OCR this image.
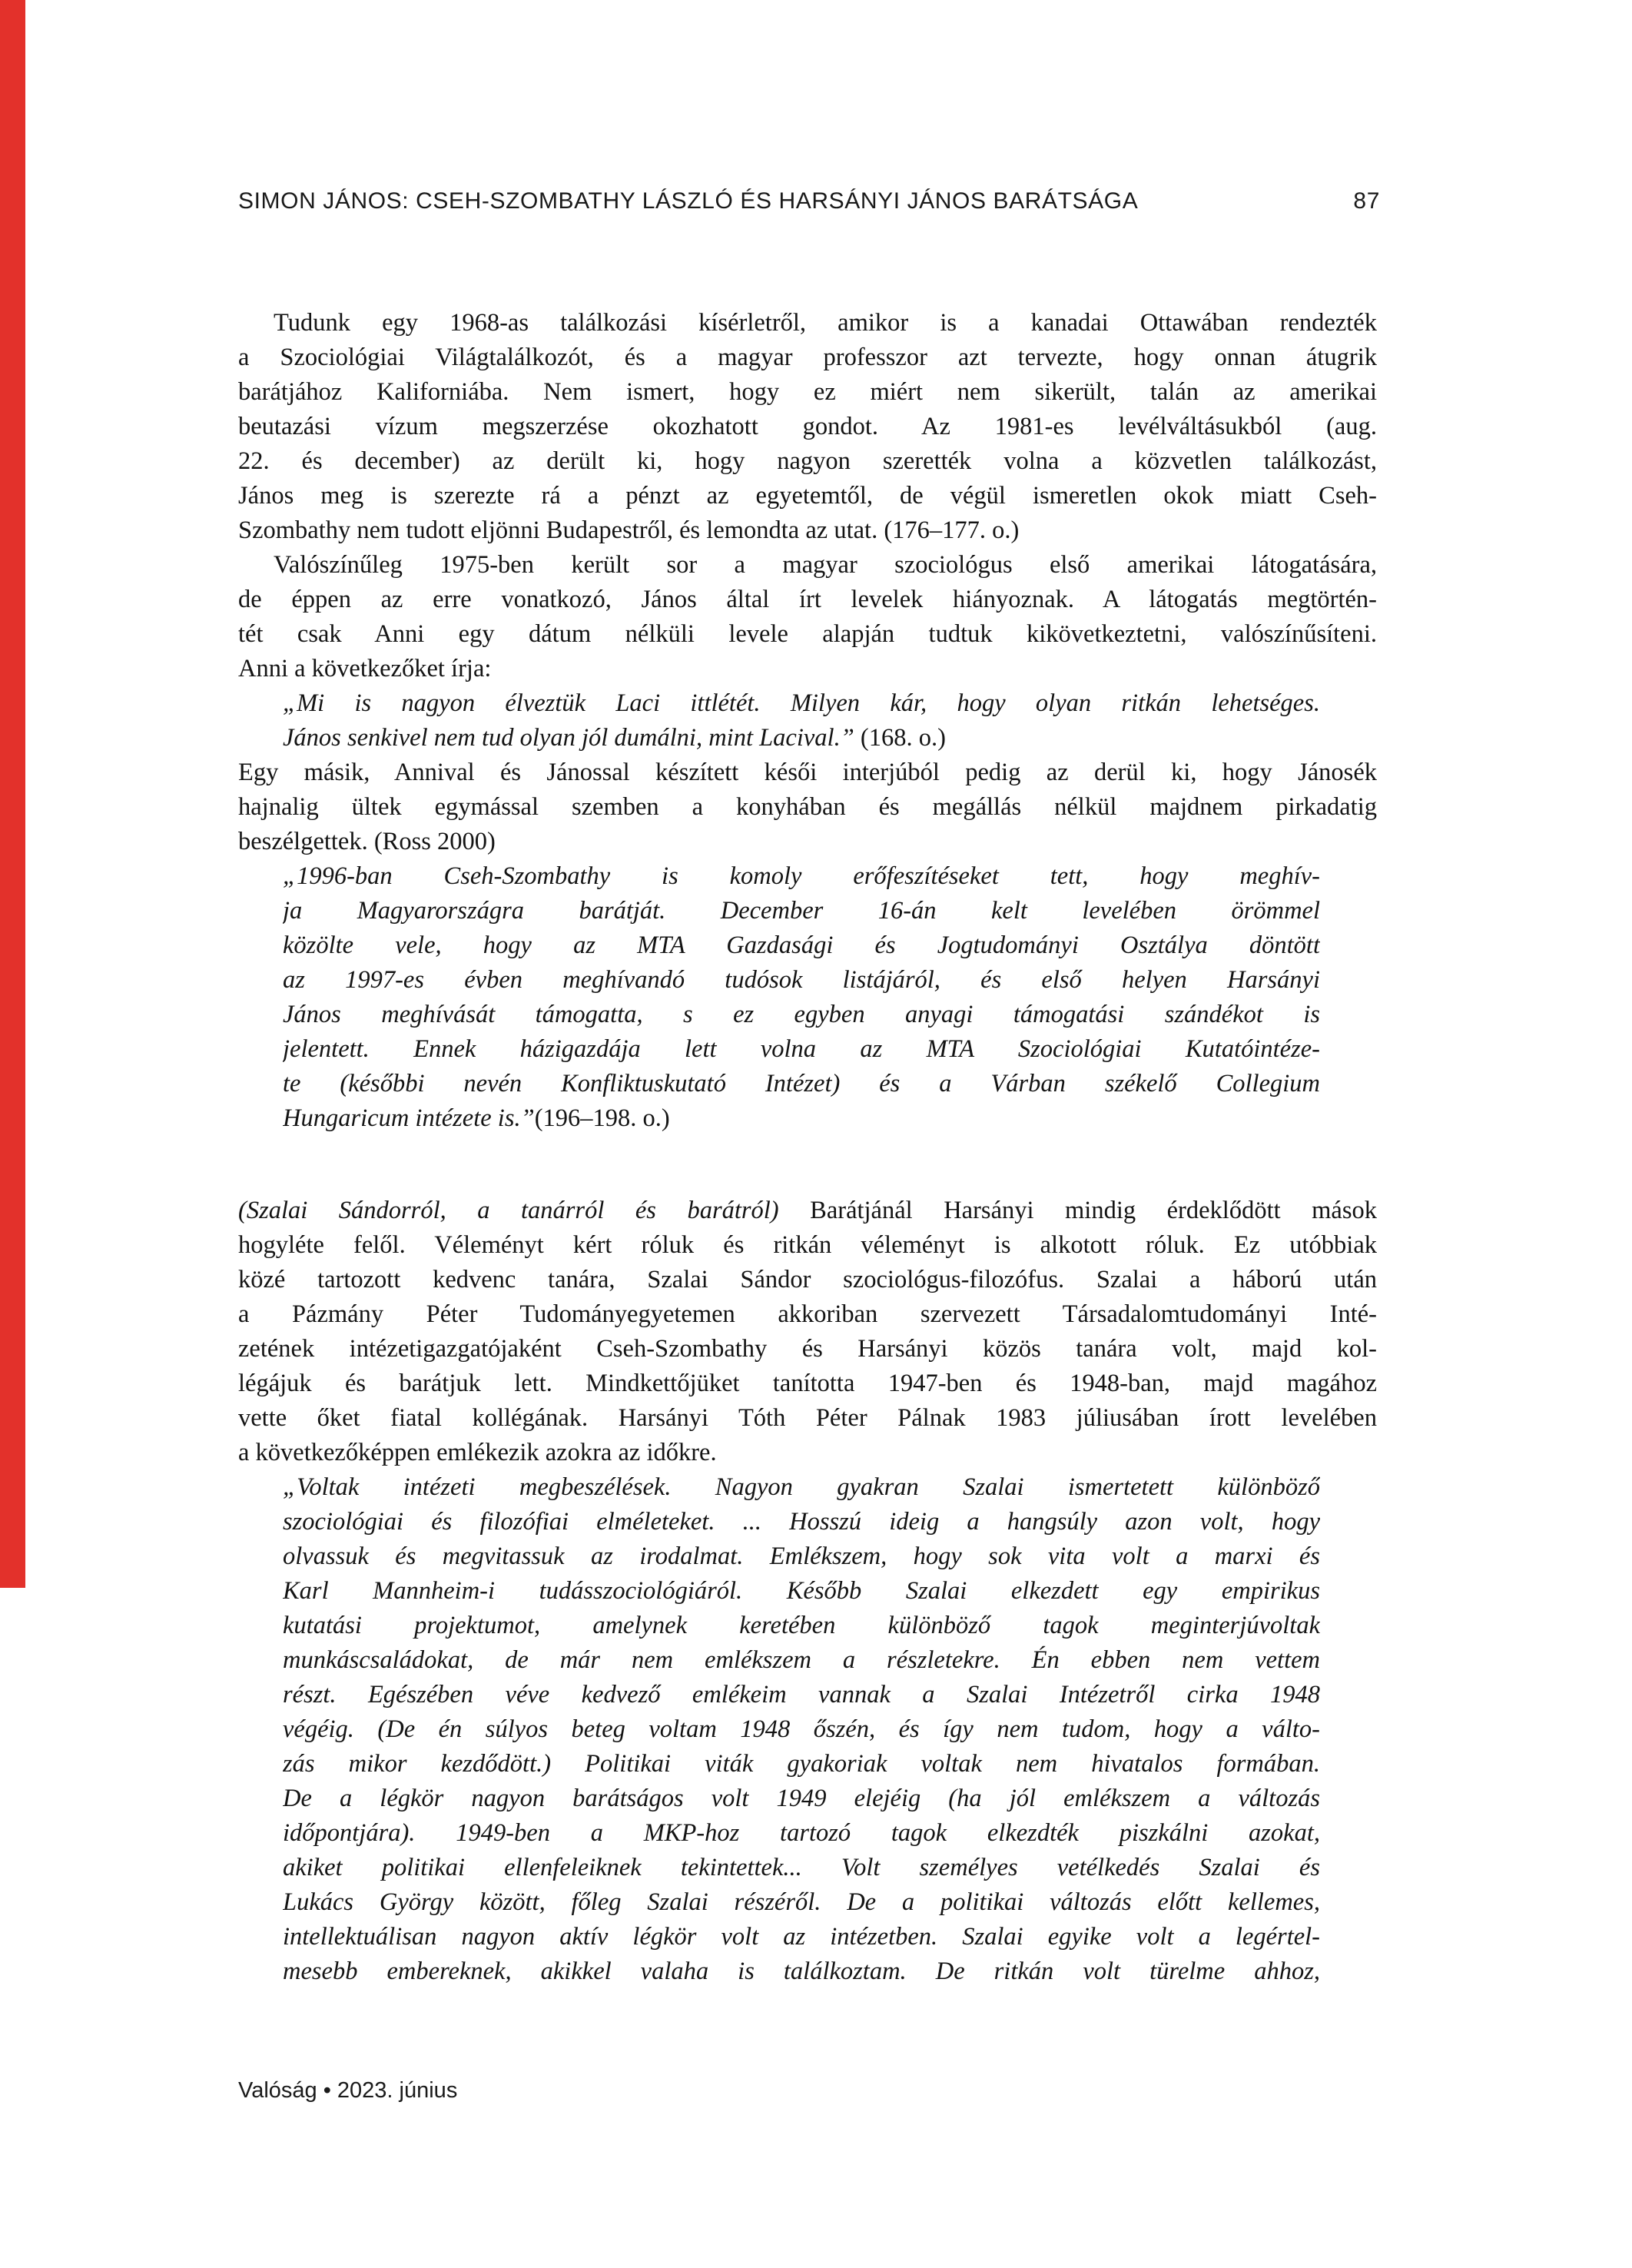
SIMON JÁNOS: CSEH-SZOMBATHY LÁSZLÓ ÉS HARSÁNYI JÁNOS BARÁTSÁGA	87
Tudunk egy 1968-as találkozási kísérletről, amikor is a kanadai Ottawában rendezték
a Szociológiai Világtalálkozót, és a magyar professzor azt tervezte, hogy onnan átugrik
barátjához Kaliforniába. Nem ismert, hogy ez miért nem sikerült, talán az amerikai
beutazási vízum megszerzése okozhatott gondot. Az 1981-es levélváltásukból (aug.
22. és december) az derült ki, hogy nagyon szerették volna a közvetlen találkozást,
János meg is szerezte rá a pénzt az egyetemtől, de végül ismeretlen okok miatt Cseh-
Szombathy nem tudott eljönni Budapestről, és lemondta az utat. (176–177. o.)
Valószínűleg 1975-ben került sor a magyar szociológus első amerikai látogatására,
de éppen az erre vonatkozó, János által írt levelek hiányoznak. A látogatás megtörtén-
tét csak Anni egy dátum nélküli levele alapján tudtuk kikövetkeztetni, valószínűsíteni.
Anni a következőket írja:
„Mi is nagyon élveztük Laci ittlétét. Milyen kár, hogy olyan ritkán lehetséges.
János senkivel nem tud olyan jól dumálni, mint Lacival.” (168. o.)
Egy másik, Annival és Jánossal készített késői interjúból pedig az derül ki, hogy Jánosék
hajnalig ültek egymással szemben a konyhában és megállás nélkül majdnem pirkadatig
beszélgettek. (Ross 2000)
„1996-ban Cseh-Szombathy is komoly erőfeszítéseket tett, hogy meghív-
ja Magyarországra barátját. December 16-án kelt levelében örömmel
közölte vele, hogy az MTA Gazdasági és Jogtudományi Osztálya döntött
az 1997-es évben meghívandó tudósok listájáról, és első helyen Harsányi
János meghívását támogatta, s ez egyben anyagi támogatási szándékot is
jelentett. Ennek házigazdája lett volna az MTA Szociológiai Kutatóintéze-
te (későbbi nevén Konfliktuskutató Intézet) és a Várban székelő Collegium
Hungaricum intézete is.”(196–198. o.)
(Szalai Sándorról, a tanárról és barátról) Barátjánál Harsányi mindig érdeklődött mások
hogyléte felől. Véleményt kért róluk és ritkán véleményt is alkotott róluk. Ez utóbbiak
közé tartozott kedvenc tanára, Szalai Sándor szociológus-filozófus. Szalai a háború után
a Pázmány Péter Tudományegyetemen akkoriban szervezett Társadalomtudományi Inté-
zetének intézetigazgatójaként Cseh-Szombathy és Harsányi közös tanára volt, majd kol-
légájuk és barátjuk lett. Mindkettőjüket tanította 1947-ben és 1948-ban, majd magához
vette őket fiatal kollégának. Harsányi Tóth Péter Pálnak 1983 júliusában írott levelében
a következőképpen emlékezik azokra az időkre.
„Voltak intézeti megbeszélések. Nagyon gyakran Szalai ismertetett különböző
szociológiai és filozófiai elméleteket. ... Hosszú ideig a hangsúly azon volt, hogy
olvassuk és megvitassuk az irodalmat. Emlékszem, hogy sok vita volt a marxi és
Karl Mannheim-i tudásszociológiáról. Később Szalai elkezdett egy empirikus
kutatási projektumot, amelynek keretében különböző tagok meginterjúvoltak
munkáscsaládokat, de már nem emlékszem a részletekre. Én ebben nem vettem
részt. Egészében véve kedvező emlékeim vannak a Szalai Intézetről cirka 1948
végéig. (De én súlyos beteg voltam 1948 őszén, és így nem tudom, hogy a válto-
zás mikor kezdődött.) Politikai viták gyakoriak voltak nem hivatalos formában.
De a légkör nagyon barátságos volt 1949 elejéig (ha jól emlékszem a változás
időpontjára). 1949-ben a MKP-hoz tartozó tagok elkezdték piszkálni azokat,
akiket politikai ellenfeleiknek tekintettek... Volt személyes vetélkedés Szalai és
Lukács György között, főleg Szalai részéről. De a politikai változás előtt kellemes,
intellektuálisan nagyon aktív légkör volt az intézetben. Szalai egyike volt a legértel-
mesebb embereknek, akikkel valaha is találkoztam. De ritkán volt türelme ahhoz,
Valóság • 2023. június
